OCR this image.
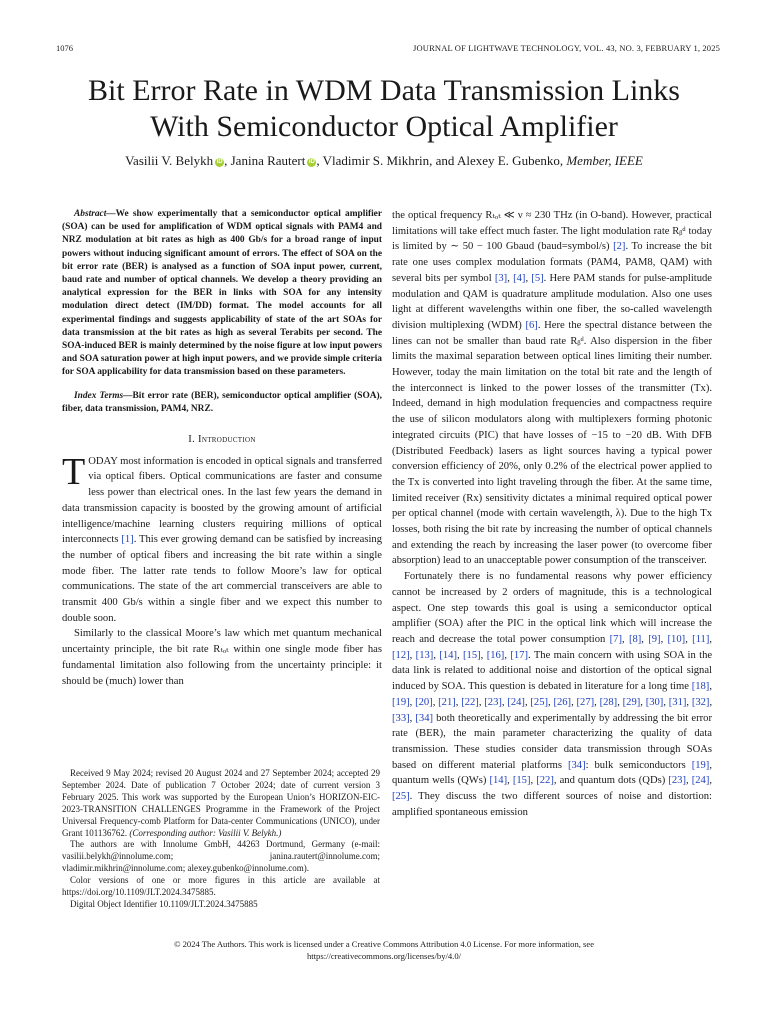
1076	JOURNAL OF LIGHTWAVE TECHNOLOGY, VOL. 43, NO. 3, FEBRUARY 1, 2025
Bit Error Rate in WDM Data Transmission Links
With Semiconductor Optical Amplifier
Vasilii V. Belykh iD , Janina Rautert iD , Vladimir S. Mikhrin, and Alexey E. Gubenko, Member, IEEE

Abstract—We show experimentally that a semiconductor optical amplifier (SOA) can be used for amplification of WDM optical signals with PAM4 and NRZ modulation at bit rates as high as 400 Gb/s for a broad range of input powers without inducing significant amount of errors. The effect of SOA on the bit error rate (BER) is analysed as a function of SOA input power, current, baud rate and number of optical channels. We develop a theory providing an analytical expression for the BER in links with SOA for any intensity modulation direct detect (IM/DD) format. The model accounts for all experimental findings and suggests applicability of state of the art SOAs for data transmission at the bit rates as high as several Terabits per second. The SOA-induced BER is mainly determined by the noise figure at low input powers and SOA saturation power at high input powers, and we provide simple criteria for SOA applicability for data transmission based on these parameters.

Index Terms—Bit error rate (BER), semiconductor optical amplifier (SOA), fiber, data transmission, PAM4, NRZ.

I. Introduction

TODAY most information is encoded in optical signals and transferred via optical fibers. Optical communications are faster and consume less power than electrical ones. In the last few years the demand in data transmission capacity is boosted by the growing amount of artificial intelligence/machine learning clusters requiring millions of optical interconnects [1]. This ever growing demand can be satisfied by increasing the number of optical fibers and increasing the bit rate within a single mode fiber. The latter rate tends to follow Moore’s law for optical communications. The state of the art commercial transceivers are able to transmit 400 Gb/s within a single fiber and we expect this number to double soon.

Similarly to the classical Moore’s law which met quantum mechanical uncertainty principle, the bit rate Rₜₒₜ within one single mode fiber has fundamental limitation also following from the uncertainty principle: it should be (much) lower than

Received 9 May 2024; revised 20 August 2024 and 27 September 2024; accepted 29 September 2024. Date of publication 7 October 2024; date of current version 3 February 2025. This work was supported by the European Union’s HORIZON-EIC-2023-TRANSITION CHALLENGES Programme in the Framework of the Project Universal Frequency-comb Platform for Data-center Communications (UNICO), under Grant 101136762. (Corresponding author: Vasilii V. Belykh.)

The authors are with Innolume GmbH, 44263 Dortmund, Germany (e-mail: vasilii.belykh@innolume.com; janina.rautert@innolume.com; vladimir.mikhrin@innolume.com; alexey.gubenko@innolume.com).

Color versions of one or more figures in this article are available at https://doi.org/10.1109/JLT.2024.3475885.

Digital Object Identifier 10.1109/JLT.2024.3475885

the optical frequency Rₜₒₜ ≪ ν ≈ 230 THz (in O-band). However, practical limitations will take effect much faster. The light modulation rate Rᵦᵈ today is limited by ∼ 50 − 100 Gbaud (baud=symbol/s) [2]. To increase the bit rate one uses complex modulation formats (PAM4, PAM8, QAM) with several bits per symbol [3], [4], [5]. Here PAM stands for pulse-amplitude modulation and QAM is quadrature amplitude modulation. Also one uses light at different wavelengths within one fiber, the so-called wavelength division multiplexing (WDM) [6]. Here the spectral distance between the lines can not be smaller than baud rate Rᵦᵈ. Also dispersion in the fiber limits the maximal separation between optical lines limiting their number. However, today the main limitation on the total bit rate and the length of the interconnect is linked to the power losses of the transmitter (Tx). Indeed, demand in high modulation frequencies and compactness require the use of silicon modulators along with multiplexers forming photonic integrated circuits (PIC) that have losses of −15 to −20 dB. With DFB (Distributed Feedback) lasers as light sources having a typical power conversion efficiency of 20%, only 0.2% of the electrical power applied to the Tx is converted into light traveling through the fiber. At the same time, limited receiver (Rx) sensitivity dictates a minimal required optical power per optical channel (mode with certain wavelength, λ). Due to the high Tx losses, both rising the bit rate by increasing the number of optical channels and extending the reach by increasing the laser power (to overcome fiber absorption) lead to an unacceptable power consumption of the transceiver.

Fortunately there is no fundamental reasons why power efficiency cannot be increased by 2 orders of magnitude, this is a technological aspect. One step towards this goal is using a semiconductor optical amplifier (SOA) after the PIC in the optical link which will increase the reach and decrease the total power consumption [7], [8], [9], [10], [11], [12], [13], [14], [15], [16], [17]. The main concern with using SOA in the data link is related to additional noise and distortion of the optical signal induced by SOA. This question is debated in literature for a long time [18], [19], [20], [21], [22], [23], [24], [25], [26], [27], [28], [29], [30], [31], [32], [33], [34] both theoretically and experimentally by addressing the bit error rate (BER), the main parameter characterizing the quality of data transmission. These studies consider data transmission through SOAs based on different material platforms [34]: bulk semiconductors [19], quantum wells (QWs) [14], [15], [22], and quantum dots (QDs) [23], [24], [25]. They discuss the two different sources of noise and distortion: amplified spontaneous emission

© 2024 The Authors. This work is licensed under a Creative Commons Attribution 4.0 License. For more information, see
https://creativecommons.org/licenses/by/4.0/
